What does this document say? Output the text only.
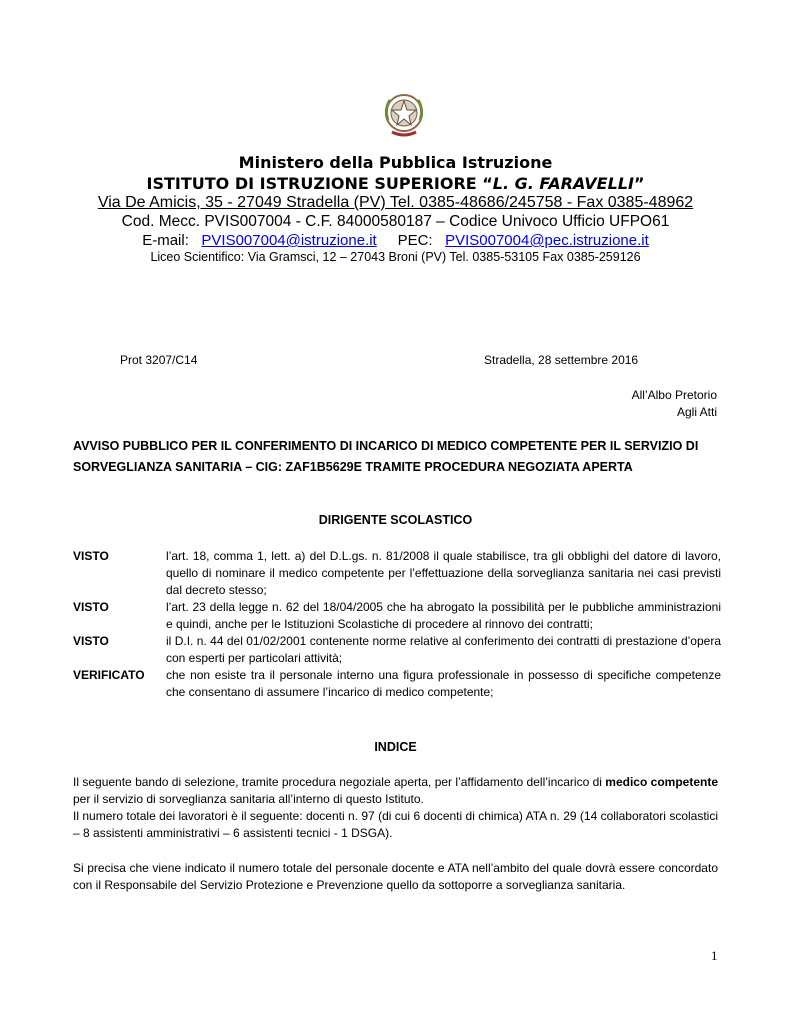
Ministero della Pubblica Istruzione
ISTITUTO DI ISTRUZIONE SUPERIORE “L. G. FARAVELLI”
Via De Amicis, 35 - 27049 Stradella (PV) Tel. 0385-48686/245758 - Fax 0385-48962
Cod. Mecc. PVIS007004 - C.F. 84000580187 – Codice Univoco Ufficio UFPO61
E-mail: PVIS007004@istruzione.it PEC: PVIS007004@pec.istruzione.it
Liceo Scientifico: Via Gramsci, 12 – 27043 Broni (PV) Tel. 0385-53105 Fax 0385-259126
Prot 3207/C14	Stradella, 28 settembre 2016
All’Albo Pretorio
Agli Atti
AVVISO PUBBLICO PER IL CONFERIMENTO DI INCARICO DI MEDICO COMPETENTE PER IL SERVIZIO DI SORVEGLIANZA SANITARIA – CIG: ZAF1B5629E TRAMITE PROCEDURA NEGOZIATA APERTA
DIRIGENTE SCOLASTICO
VISTO	l’art. 18, comma 1, lett. a) del D.L.gs. n. 81/2008 il quale stabilisce, tra gli obblighi del datore di lavoro, quello di nominare il medico competente per l’effettuazione della sorveglianza sanitaria nei casi previsti dal decreto stesso;
VISTO	l’art. 23 della legge n. 62 del 18/04/2005 che ha abrogato la possibilità per le pubbliche amministrazioni e quindi, anche per le Istituzioni Scolastiche di procedere al rinnovo dei contratti;
VISTO	il D.I. n. 44 del 01/02/2001 contenente norme relative al conferimento dei contratti di prestazione d’opera con esperti per particolari attività;
VERIFICATO	che non esiste tra il personale interno una figura professionale in possesso di specifiche competenze che consentano di assumere l’incarico di medico competente;
INDICE
Il seguente bando di selezione, tramite procedura negoziale aperta, per l’affidamento dell’incarico di medico competente per il servizio di sorveglianza sanitaria all’interno di questo Istituto.
Il numero totale dei lavoratori è il seguente: docenti n. 97 (di cui 6 docenti di chimica) ATA n. 29 (14 collaboratori scolastici – 8 assistenti amministrativi – 6 assistenti tecnici - 1 DSGA).
Si precisa che viene indicato il numero totale del personale docente e ATA nell’ambito del quale dovrà essere concordato con il Responsabile del Servizio Protezione e Prevenzione quello da sottoporre a sorveglianza sanitaria.
1
